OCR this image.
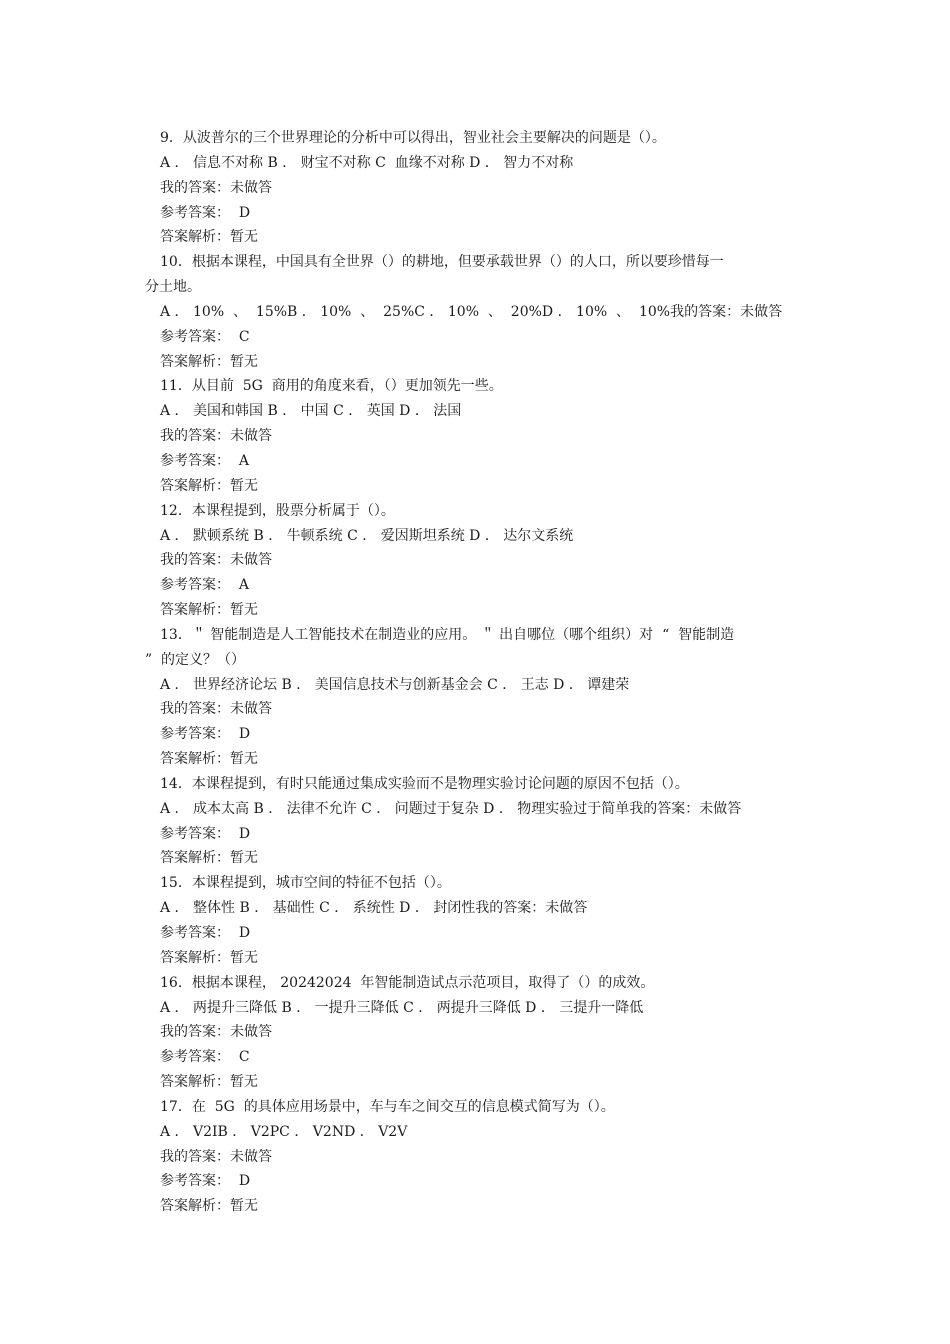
9．从波普尔的三个世界理论的分析中可以得出，智业社会主要解决的问题是（）。
A ． 信息不对称 B ． 财宝不对称 C  血缘不对称 D ． 智力不对称
我的答案：未做答
参考答案：  D
答案解析：暂无
10．根据本课程，中国具有全世界（）的耕地，但要承载世界（）的人口，所以要珍惜每一
分土地。
A ． 10%  、  15%B ． 10%  、  25%C ． 10%  、  20%D ． 10%  、  10%我的答案：未做答
参考答案：  C
答案解析：暂无
11．从目前  5G  商用的角度来看，（）更加领先一些。
A ． 美国和韩国 B ． 中国 C ． 英国 D ． 法国
我的答案：未做答
参考答案：  A
答案解析：暂无
12．本课程提到，股票分析属于（）。
A ． 默顿系统 B ． 牛顿系统 C ． 爱因斯坦系统 D ． 达尔文系统
我的答案：未做答
参考答案：  A
答案解析：暂无
13．＂ 智能制造是人工智能技术在制造业的应用。 ＂ 出自哪位（哪个组织）对  “  智能制造
”  的定义？（）
A ． 世界经济论坛 B ． 美国信息技术与创新基金会 C ． 王志 D ． 谭建荣
我的答案：未做答
参考答案：  D
答案解析：暂无
14．本课程提到，有时只能通过集成实验而不是物理实验讨论问题的原因不包括（）。
A ． 成本太高 B ． 法律不允许 C ． 问题过于复杂 D ． 物理实验过于简单我的答案：未做答
参考答案：  D
答案解析：暂无
15．本课程提到，城市空间的特征不包括（）。
A ． 整体性 B ． 基础性 C ． 系统性 D ． 封闭性我的答案：未做答
参考答案：  D
答案解析：暂无
16．根据本课程， 20242024  年智能制造试点示范项目，取得了（）的成效。
A ． 两提升三降低 B ． 一提升三降低 C ． 两提升三降低 D ． 三提升一降低
我的答案：未做答
参考答案：  C
答案解析：暂无
17．在  5G  的具体应用场景中，车与车之间交互的信息模式简写为（）。
A ． V2IB ． V2PC ． V2ND ． V2V
我的答案：未做答
参考答案：  D
答案解析：暂无
